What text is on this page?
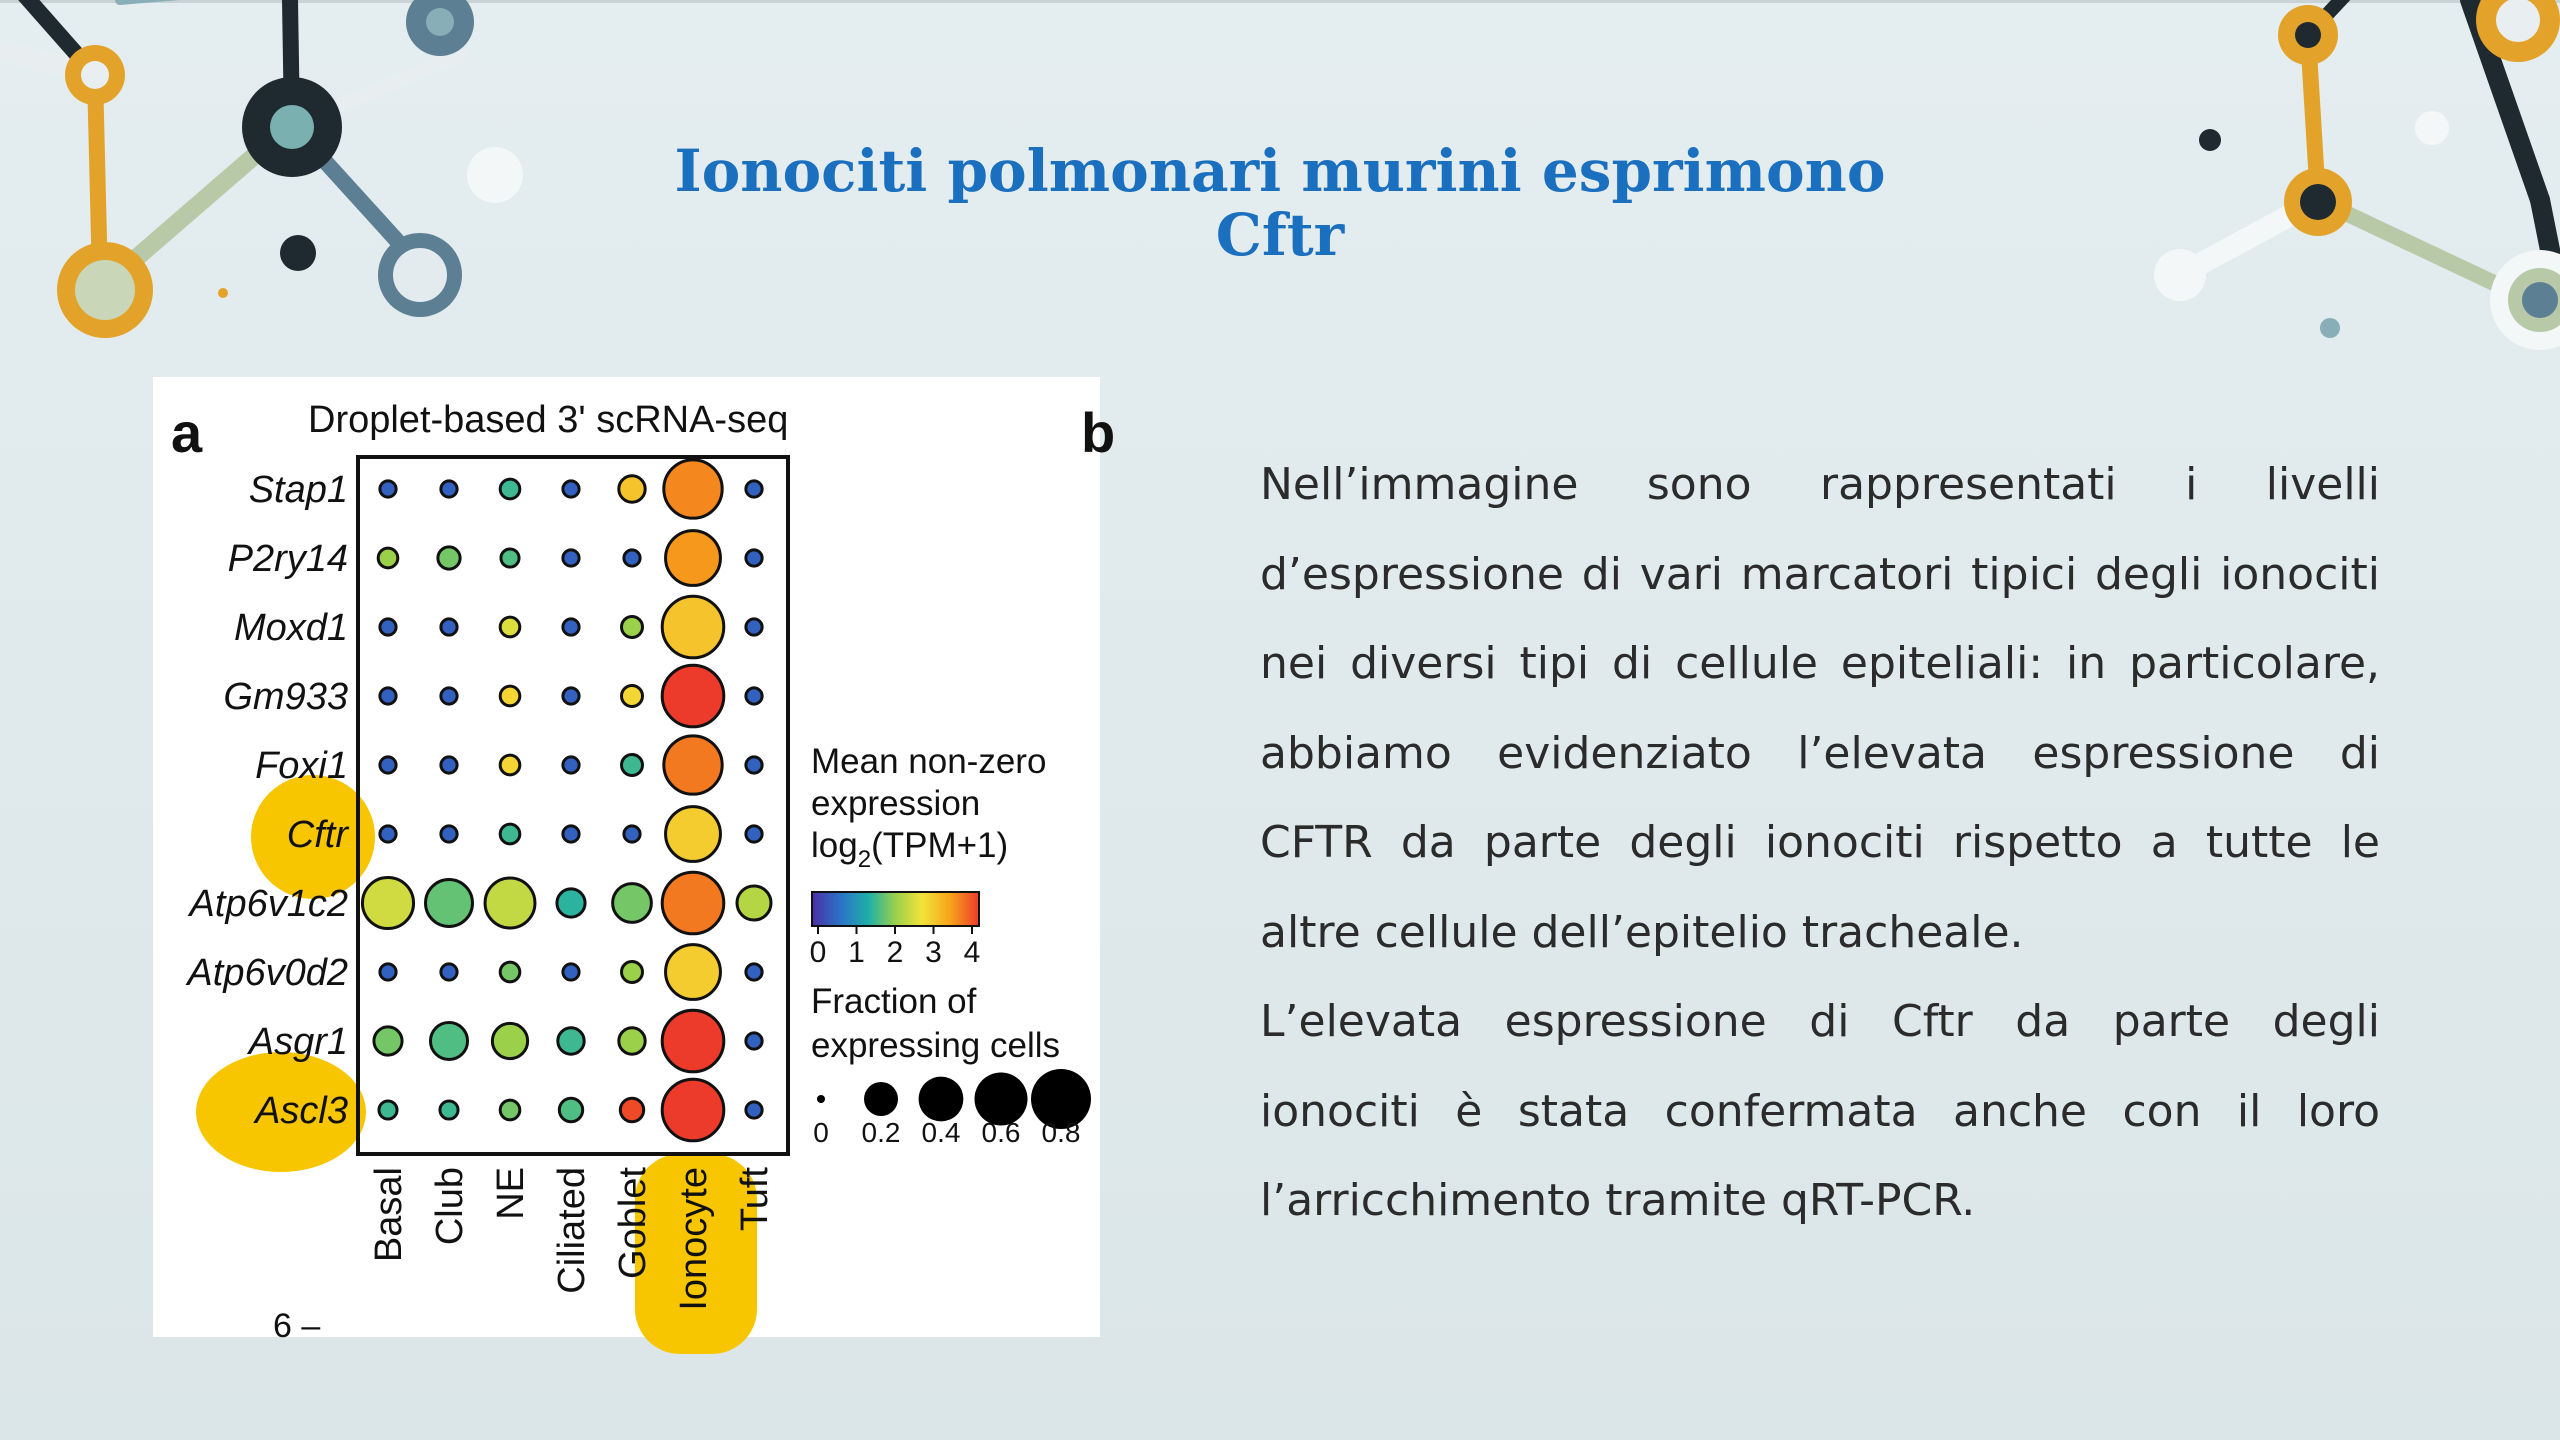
Ionociti polmonari murini esprimono
Cftr
a	b
Droplet-based 3' scRNA-seq
Stap1
P2ry14
Moxd1
Gm933
Foxi1
Cftr
Atp6v1c2
Atp6v0d2
Asgr1
Ascl3
Basal Club NE Ciliated Goblet Ionocyte Tuft
Mean non-zero
expression
$\log_2(TPM+1)$
0 1 2 3 4
Fraction of
expressing cells
0 0.2 0.4 0.6 0.8
6 –

Nell’immagine sono rappresentati i livelli d’espressione di vari marcatori tipici degli ionociti nei diversi tipi di cellule epiteliali: in particolare, abbiamo evidenziato l’elevata espressione di CFTR da parte degli ionociti rispetto a tutte le altre cellule dell’epitelio tracheale.

L’elevata espressione di Cftr da parte degli ionociti è stata confermata anche con il loro l’arricchimento tramite qRT-PCR.
